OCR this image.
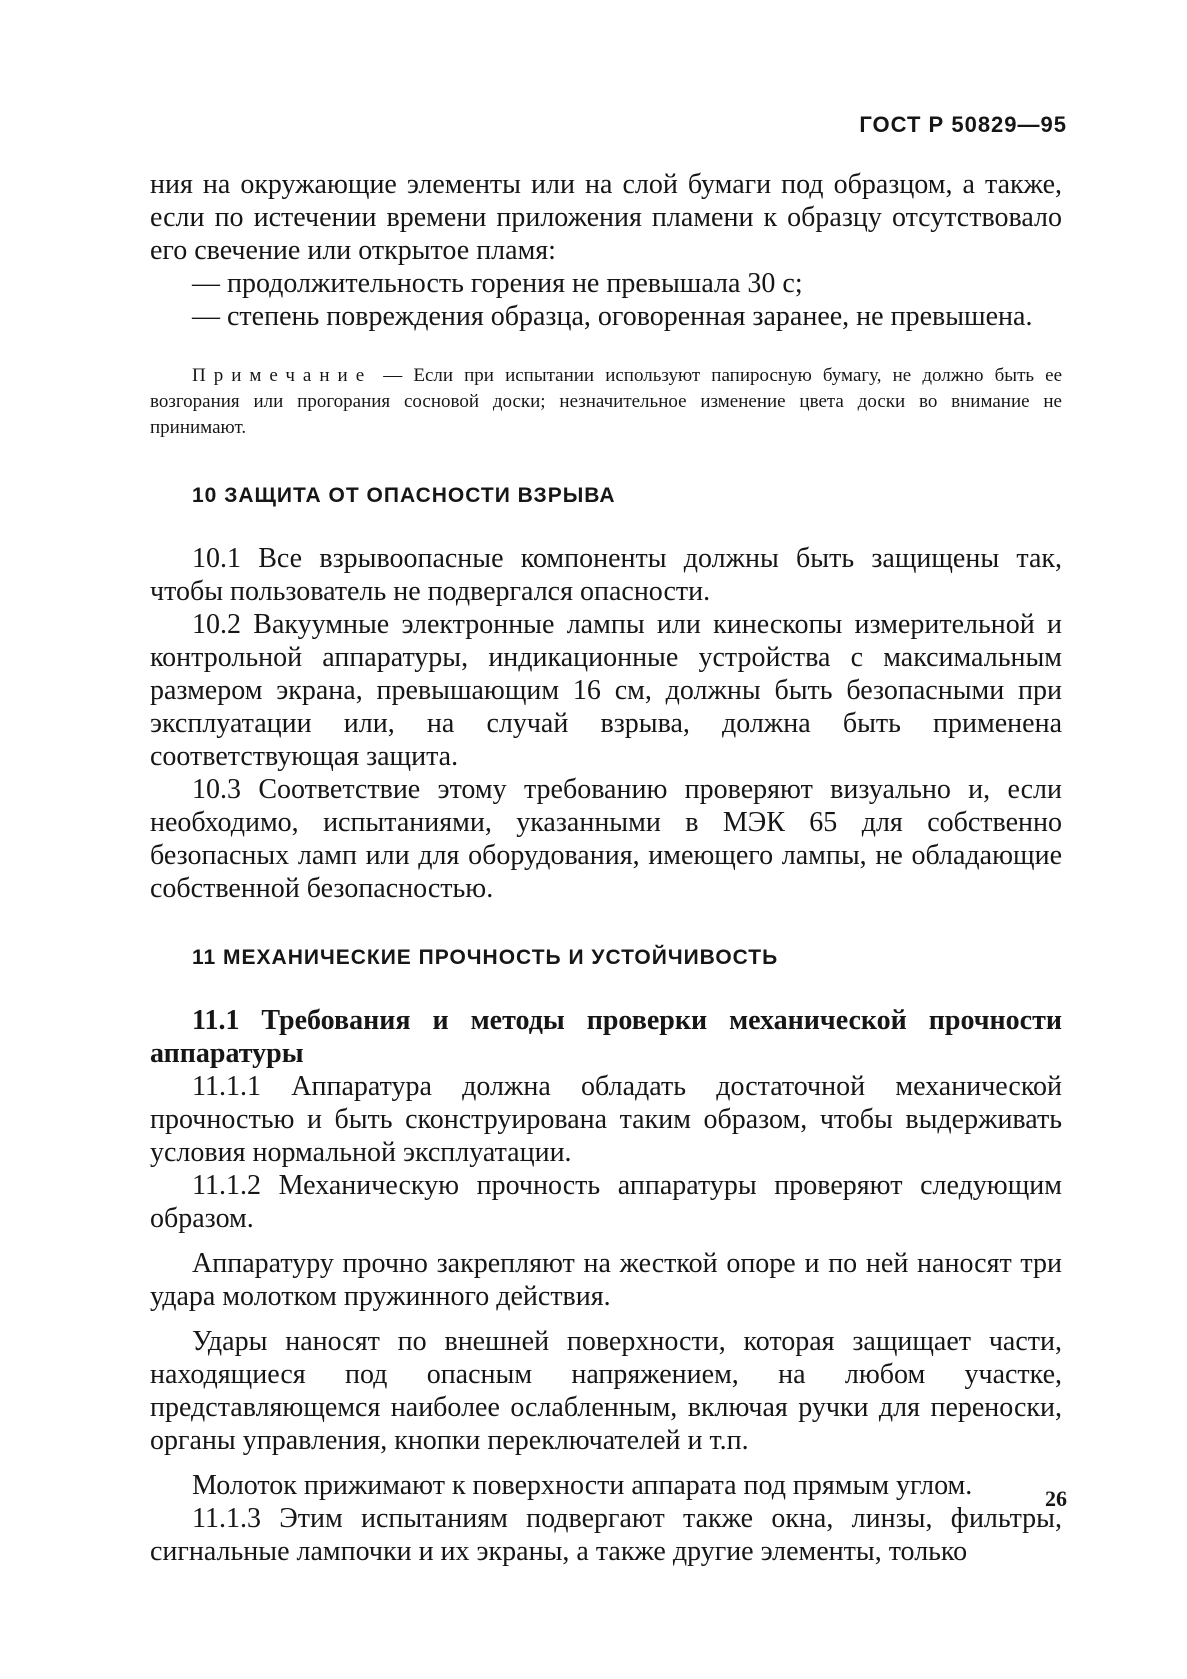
ГОСТ Р 50829—95

ния на окружающие элементы или на слой бумаги под образцом, а также, если по истечении времени приложения пламени к образцу отсутствовало его свечение или открытое пламя:

— продолжительность горения не превышала 30 с;

— степень повреждения образца, оговоренная заранее, не превышена.

Примечание — Если при испытании используют папиросную бумагу, не должно быть ее возгорания или прогорания сосновой доски; незначительное изменение цвета доски во внимание не принимают.

10 ЗАЩИТА ОТ ОПАСНОСТИ ВЗРЫВА

10.1 Все взрывоопасные компоненты должны быть защищены так, чтобы пользователь не подвергался опасности.

10.2 Вакуумные электронные лампы или кинескопы измерительной и контрольной аппаратуры, индикационные устройства с максимальным размером экрана, превышающим 16 см, должны быть безопасными при эксплуатации или, на случай взрыва, должна быть применена соответствующая защита.

10.3 Соответствие этому требованию проверяют визуально и, если необходимо, испытаниями, указанными в МЭК 65 для собственно безопасных ламп или для оборудования, имеющего лампы, не обладающие собственной безопасностью.

11 МЕХАНИЧЕСКИЕ ПРОЧНОСТЬ И УСТОЙЧИВОСТЬ

11.1 Требования и методы проверки механической прочности аппаратуры

11.1.1 Аппаратура должна обладать достаточной механической прочностью и быть сконструирована таким образом, чтобы выдерживать условия нормальной эксплуатации.

11.1.2 Механическую прочность аппаратуры проверяют следующим образом.

Аппаратуру прочно закрепляют на жесткой опоре и по ней наносят три удара молотком пружинного действия.

Удары наносят по внешней поверхности, которая защищает части, находящиеся под опасным напряжением, на любом участке, представляющемся наиболее ослабленным, включая ручки для переноски, органы управления, кнопки переключателей и т.п.

Молоток прижимают к поверхности аппарата под прямым углом.

11.1.3 Этим испытаниям подвергают также окна, линзы, фильтры, сигнальные лампочки и их экраны, а также другие элементы, только

26
